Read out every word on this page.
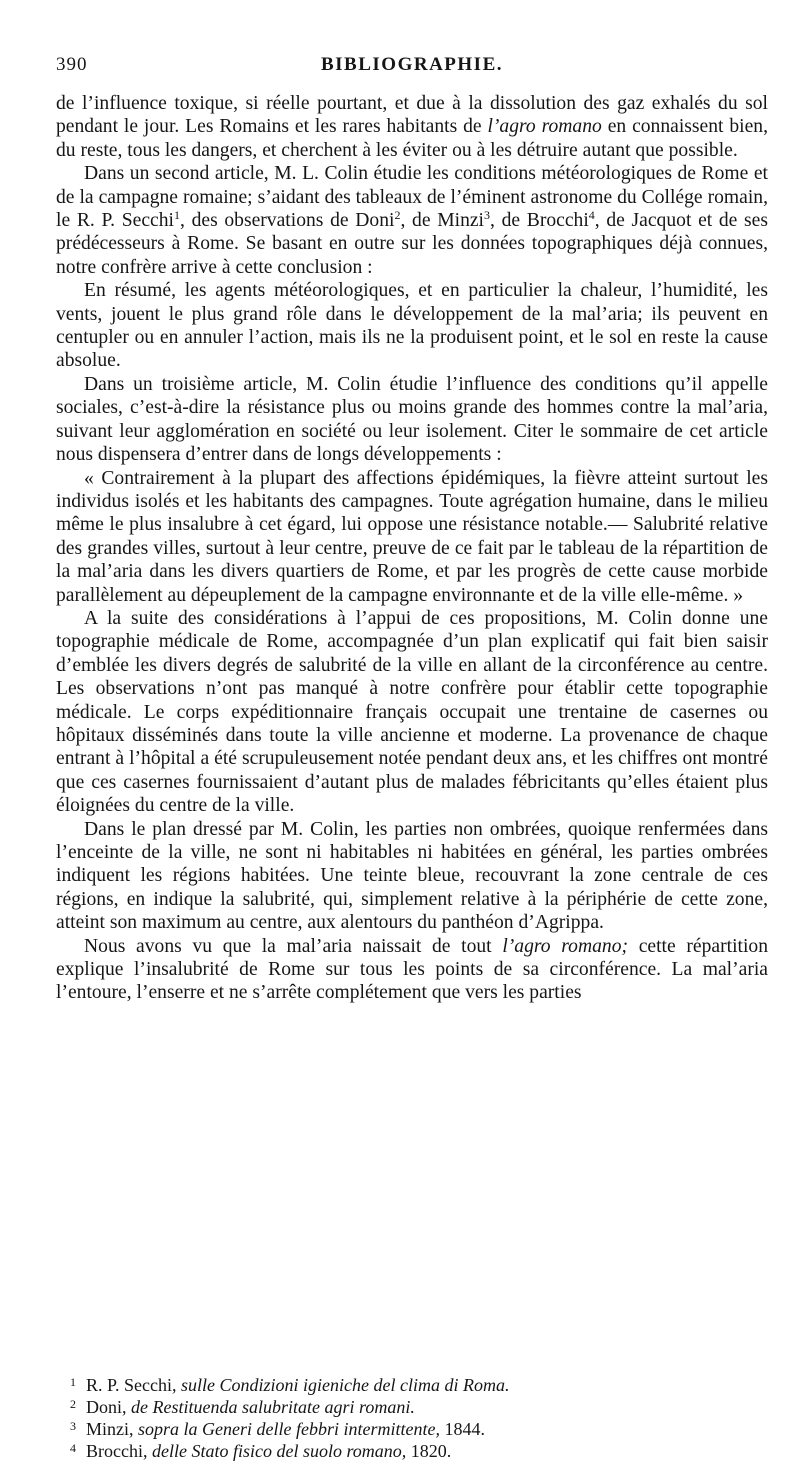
390	BIBLIOGRAPHIE.

de l’influence toxique, si réelle pourtant, et due à la dissolution des gaz exhalés du sol pendant le jour. Les Romains et les rares habitants de l’agro romano en connaissent bien, du reste, tous les dangers, et cherchent à les éviter ou à les détruire autant que possible.

Dans un second article, M. L. Colin étudie les conditions météorologiques de Rome et de la campagne romaine; s’aidant des tableaux de l’éminent astronome du Collége romain, le R. P. Secchi$^1$, des observations de Doni$^2$, de Minzi$^3$, de Brocchi$^4$, de Jacquot et de ses prédécesseurs à Rome. Se basant en outre sur les données topographiques déjà connues, notre confrère arrive à cette conclusion :

En résumé, les agents météorologiques, et en particulier la chaleur, l’humidité, les vents, jouent le plus grand rôle dans le développement de la mal’aria; ils peuvent en centupler ou en annuler l’action, mais ils ne la produisent point, et le sol en reste la cause absolue.

Dans un troisième article, M. Colin étudie l’influence des conditions qu’il appelle sociales, c’est-à-dire la résistance plus ou moins grande des hommes contre la mal’aria, suivant leur agglomération en société ou leur isolement. Citer le sommaire de cet article nous dispensera d’entrer dans de longs développements :

« Contrairement à la plupart des affections épidémiques, la fièvre atteint surtout les individus isolés et les habitants des campagnes. Toute agrégation humaine, dans le milieu même le plus insalubre à cet égard, lui oppose une résistance notable.— Salubrité relative des grandes villes, surtout à leur centre, preuve de ce fait par le tableau de la répartition de la mal’aria dans les divers quartiers de Rome, et par les progrès de cette cause morbide parallèlement au dépeuplement de la campagne environnante et de la ville elle-même. »

A la suite des considérations à l’appui de ces propositions, M. Colin donne une topographie médicale de Rome, accompagnée d’un plan explicatif qui fait bien saisir d’emblée les divers degrés de salubrité de la ville en allant de la circonférence au centre. Les observations n’ont pas manqué à notre confrère pour établir cette topographie médicale. Le corps expéditionnaire français occupait une trentaine de casernes ou hôpitaux disséminés dans toute la ville ancienne et moderne. La provenance de chaque entrant à l’hôpital a été scrupuleusement notée pendant deux ans, et les chiffres ont montré que ces casernes fournissaient d’autant plus de malades fébricitants qu’elles étaient plus éloignées du centre de la ville.

Dans le plan dressé par M. Colin, les parties non ombrées, quoique renfermées dans l’enceinte de la ville, ne sont ni habitables ni habitées en général, les parties ombrées indiquent les régions habitées. Une teinte bleue, recouvrant la zone centrale de ces régions, en indique la salubrité, qui, simplement relative à la périphérie de cette zone, atteint son maximum au centre, aux alentours du panthéon d’Agrippa.

Nous avons vu que la mal’aria naissait de tout l’agro romano; cette répartition explique l’insalubrité de Rome sur tous les points de sa circonférence. La mal’aria l’entoure, l’enserre et ne s’arrête complétement que vers les parties

1 R. P. Secchi, sulle Condizioni igieniche del clima di Roma.

2 Doni, de Restituenda salubritate agri romani.

3 Minzi, sopra la Generi delle febbri intermittente, 1844.

4 Brocchi, delle Stato fisico del suolo romano, 1820.
